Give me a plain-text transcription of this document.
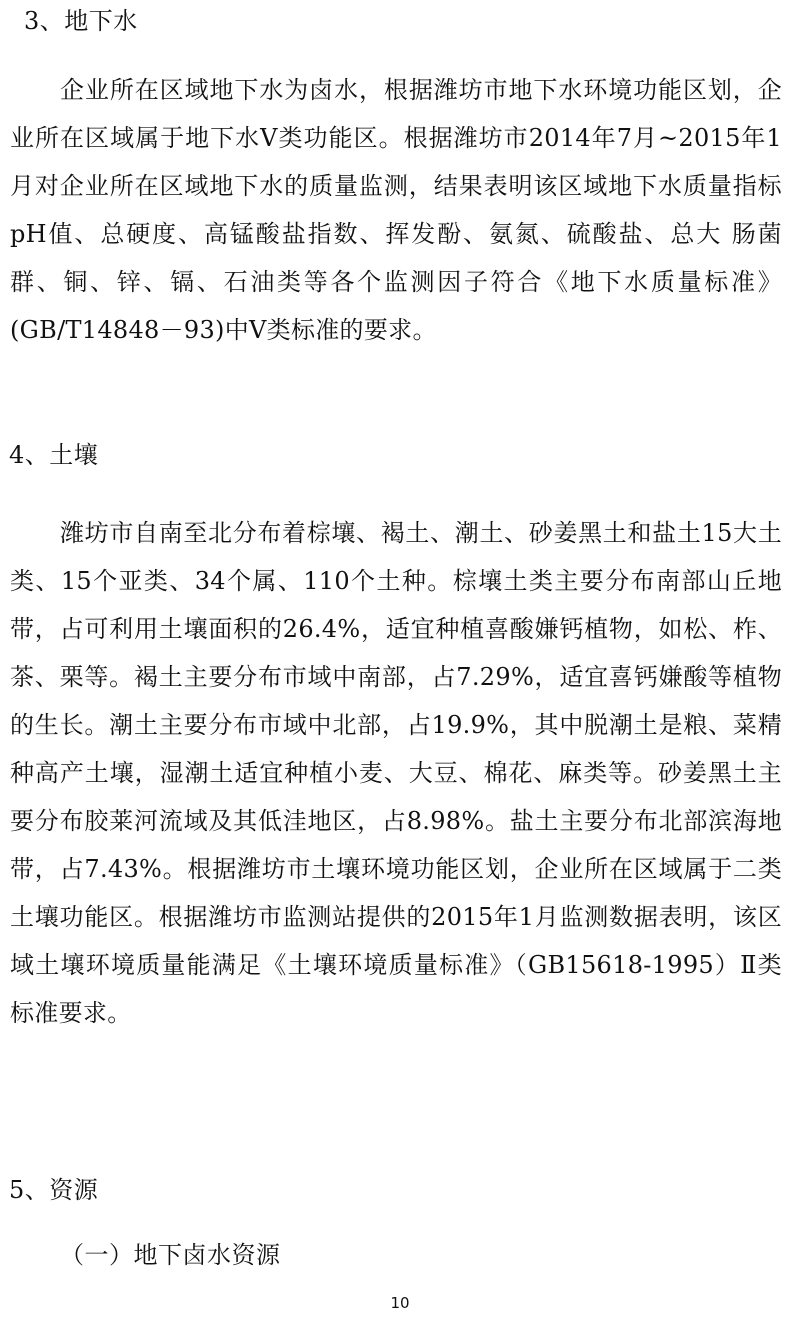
3、地下水
企业所在区域地下水为卤水，根据潍坊市地下水环境功能区划，企业所在区域属于地下水Ⅴ类功能区。根据潍坊市2014年7月~2015年1月对企业所在区域地下水的质量监测，结果表明该区域地下水质量指标pH值、总硬度、高锰酸盐指数、挥发酚、氨氮、硫酸盐、总大 肠菌群、铜、锌、镉、石油类等各个监测因子符合《地下水质量标准》(GB/T14848－93)中Ⅴ类标准的要求。
4、土壤
潍坊市自南至北分布着棕壤、褐土、潮土、砂姜黑土和盐土15大土类、15个亚类、34个属、110个土种。棕壤土类主要分布南部山丘地带，占可利用土壤面积的26.4%，适宜种植喜酸嫌钙植物，如松、柞、茶、栗等。褐土主要分布市域中南部，占7.29%，适宜喜钙嫌酸等植物的生长。潮土主要分布市域中北部，占19.9%，其中脱潮土是粮、菜精种高产土壤，湿潮土适宜种植小麦、大豆、棉花、麻类等。砂姜黑土主要分布胶莱河流域及其低洼地区，占8.98%。盐土主要分布北部滨海地带，占7.43%。根据潍坊市土壤环境功能区划，企业所在区域属于二类土壤功能区。根据潍坊市监测站提供的2015年1月监测数据表明，该区域土壤环境质量能满足《土壤环境质量标准》（GB15618-1995）Ⅱ类标准要求。
5、资源
（一）地下卤水资源
10
